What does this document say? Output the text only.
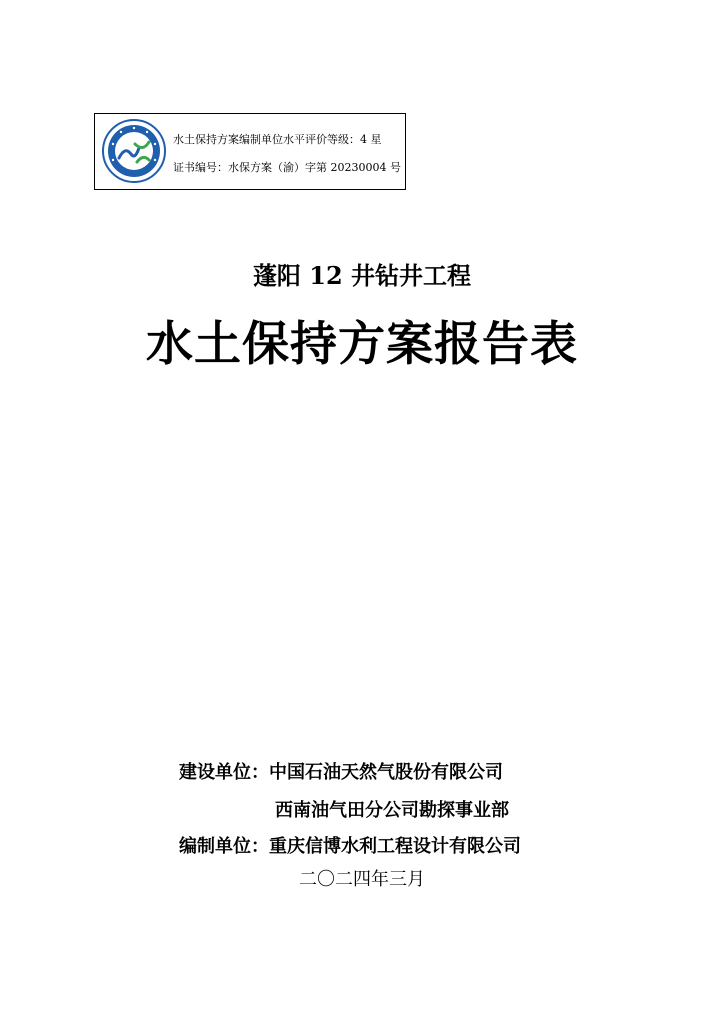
水土保持方案编制单位水平评价等级：4 星
证书编号：水保方案（渝）字第 20230004 号
蓬阳 12 井钻井工程
水土保持方案报告表
建设单位：中国石油天然气股份有限公司
西南油气田分公司勘探事业部
编制单位：重庆信博水利工程设计有限公司
二〇二四年三月
